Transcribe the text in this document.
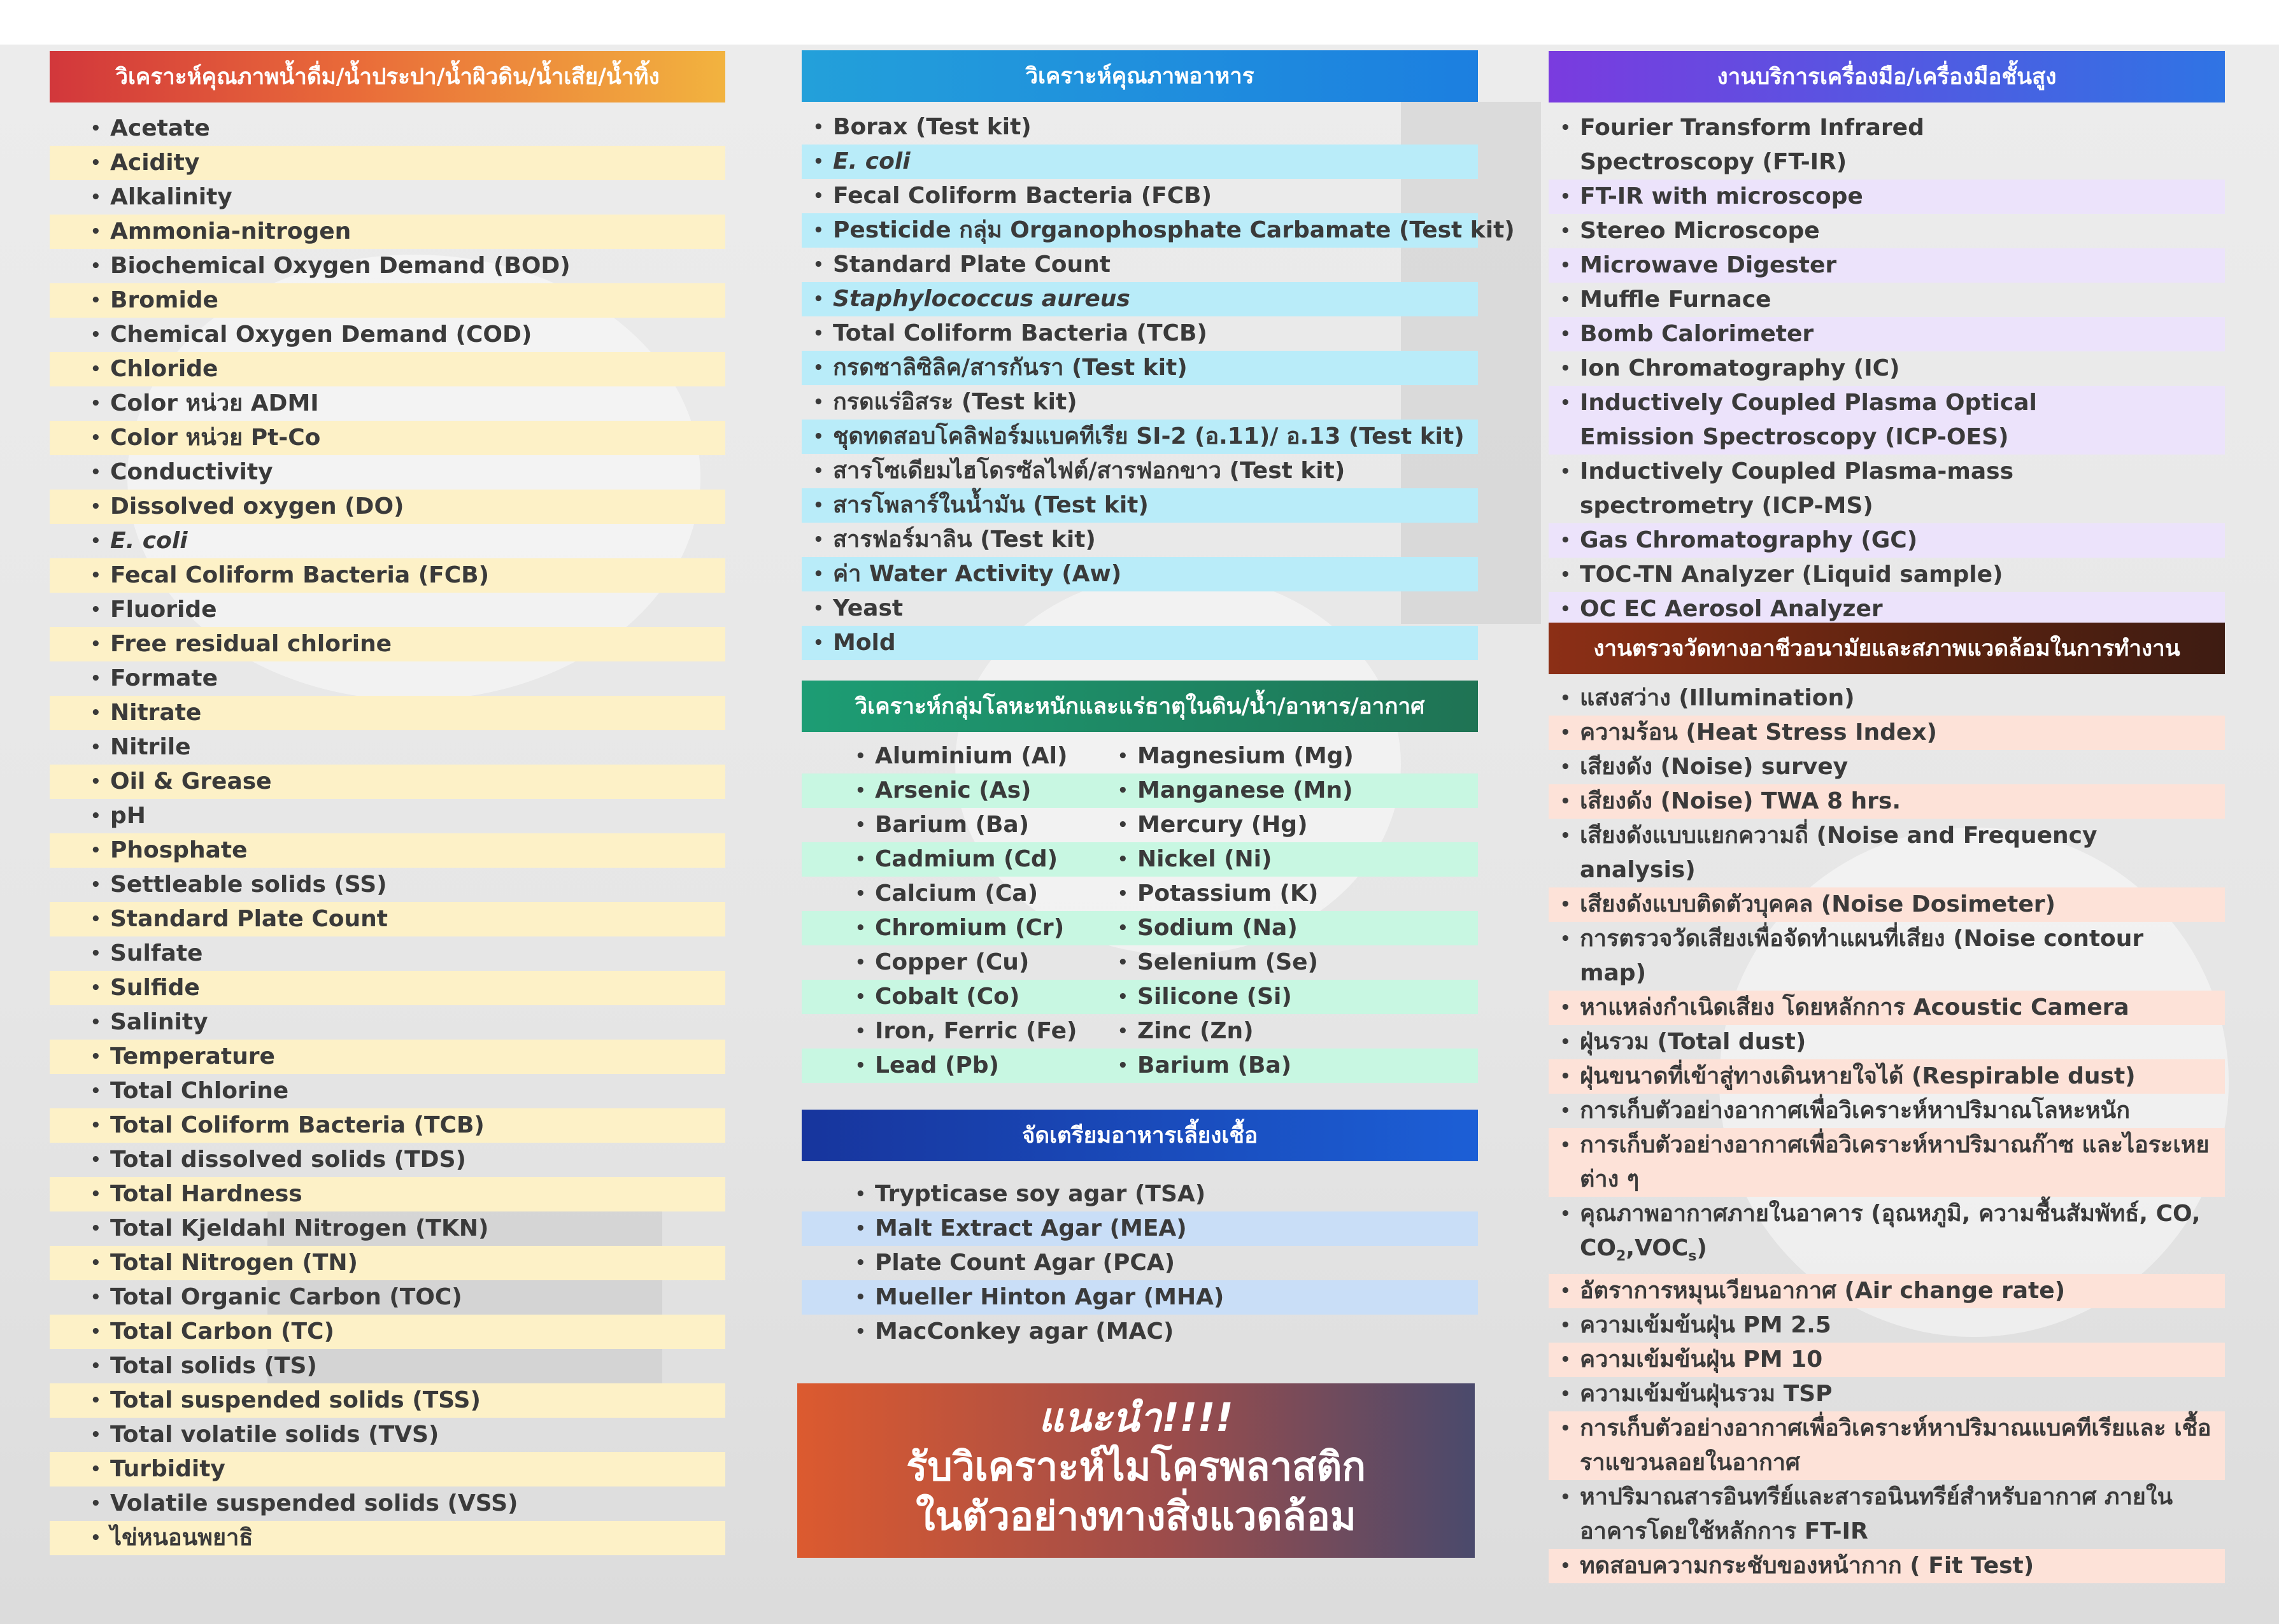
วิเคราะห์คุณภาพน้ำดื่ม/น้ำประปา/น้ำผิวดิน/น้ำเสีย/น้ำทิ้ง
• Acetate
• Acidity
• Alkalinity
• Ammonia-nitrogen
• Biochemical Oxygen Demand (BOD)
• Bromide
• Chemical Oxygen Demand (COD)
• Chloride
• Color หน่วย ADMI
• Color หน่วย Pt-Co
• Conductivity
• Dissolved oxygen (DO)
• E. coli
• Fecal Coliform Bacteria (FCB)
• Fluoride
• Free residual chlorine
• Formate
• Nitrate
• Nitrile
• Oil & Grease
• pH
• Phosphate
• Settleable solids (SS)
• Standard Plate Count
• Sulfate
• Sulfide
• Salinity
• Temperature
• Total Chlorine
• Total Coliform Bacteria (TCB)
• Total dissolved solids (TDS)
• Total Hardness
• Total Kjeldahl Nitrogen (TKN)
• Total Nitrogen (TN)
• Total Organic Carbon (TOC)
• Total Carbon (TC)
• Total solids (TS)
• Total suspended solids (TSS)
• Total volatile solids (TVS)
• Turbidity
• Volatile suspended solids (VSS)
• ไข่หนอนพยาธิ
วิเคราะห์คุณภาพอาหาร
• Borax (Test kit)
• E. coli
• Fecal Coliform Bacteria (FCB)
• Pesticide กลุ่ม Organophosphate Carbamate (Test kit)
• Standard Plate Count
• Staphylococcus aureus
• Total Coliform Bacteria (TCB)
• กรดซาลิซิลิค/สารกันรา (Test kit)
• กรดแร่อิสระ (Test kit)
• ชุดทดสอบโคลิฟอร์มแบคทีเรีย SI-2 (อ.11)/ อ.13 (Test kit)
• สารโซเดียมไฮโดรซัลไฟต์/สารฟอกขาว (Test kit)
• สารโพลาร์ในน้ำมัน (Test kit)
• สารฟอร์มาลิน (Test kit)
• ค่า Water Activity (Aw)
• Yeast
• Mold
วิเคราะห์กลุ่มโลหะหนักและแร่ธาตุในดิน/น้ำ/อาหาร/อากาศ
• Aluminium (Al)	• Magnesium (Mg)
• Arsenic (As)	• Manganese (Mn)
• Barium (Ba)	• Mercury (Hg)
• Cadmium (Cd)	• Nickel (Ni)
• Calcium (Ca)	• Potassium (K)
• Chromium (Cr)	• Sodium (Na)
• Copper (Cu)	• Selenium (Se)
• Cobalt (Co)	• Silicone (Si)
• Iron, Ferric (Fe) • Zinc (Zn)
• Lead (Pb)	• Barium (Ba)
จัดเตรียมอาหารเลี้ยงเชื้อ
• Trypticase soy agar (TSA)
• Malt Extract Agar (MEA)
• Plate Count Agar (PCA)
• Mueller Hinton Agar (MHA)
• MacConkey agar (MAC)
แนะนำ!!!!
รับวิเคราะห์ไมโครพลาสติก
ในตัวอย่างทางสิ่งแวดล้อม
งานบริการเครื่องมือ/เครื่องมือชั้นสูง
• Fourier Transform Infrared Spectroscopy (FT-IR)
• FT-IR with microscope
• Stereo Microscope
• Microwave Digester
• Muffle Furnace
• Bomb Calorimeter
• Ion Chromatography (IC)
• Inductively Coupled Plasma Optical Emission Spectroscopy (ICP-OES)
• Inductively Coupled Plasma-mass spectrometry (ICP-MS)
• Gas Chromatography (GC)
• TOC-TN Analyzer (Liquid sample)
• OC EC Aerosol Analyzer
งานตรวจวัดทางอาชีวอนามัยและสภาพแวดล้อมในการทำงาน
• แสงสว่าง (Illumination)
• ความร้อน (Heat Stress Index)
• เสียงดัง (Noise) survey
• เสียงดัง (Noise) TWA 8 hrs.
• เสียงดังแบบแยกความถี่ (Noise and Frequency analysis)
• เสียงดังแบบติดตัวบุคคล (Noise Dosimeter)
• การตรวจวัดเสียงเพื่อจัดทำแผนที่เสียง (Noise contour map)
• หาแหล่งกำเนิดเสียง โดยหลักการ Acoustic Camera
• ฝุ่นรวม (Total dust)
• ฝุ่นขนาดที่เข้าสู่ทางเดินหายใจได้ (Respirable dust)
• การเก็บตัวอย่างอากาศเพื่อวิเคราะห์หาปริมาณโลหะหนัก
• การเก็บตัวอย่างอากาศเพื่อวิเคราะห์หาปริมาณก๊าซ และไอระเหยต่าง ๆ
• คุณภาพอากาศภายในอาคาร (อุณหภูมิ, ความชื้นสัมพัทธ์, CO,
$CO_2,VOC_s$)
• อัตราการหมุนเวียนอากาศ (Air change rate)
• ความเข้มข้นฝุ่น PM 2.5
• ความเข้มข้นฝุ่น PM 10
• ความเข้มข้นฝุ่นรวม TSP
• การเก็บตัวอย่างอากาศเพื่อวิเคราะห์หาปริมาณแบคทีเรียและ เชื้อราแขวนลอยในอากาศ
• หาปริมาณสารอินทรีย์และสารอนินทรีย์สำหรับอากาศ ภายในอาคารโดยใช้หลักการ FT-IR
• ทดสอบความกระชับของหน้ากาก ( Fit Test)
